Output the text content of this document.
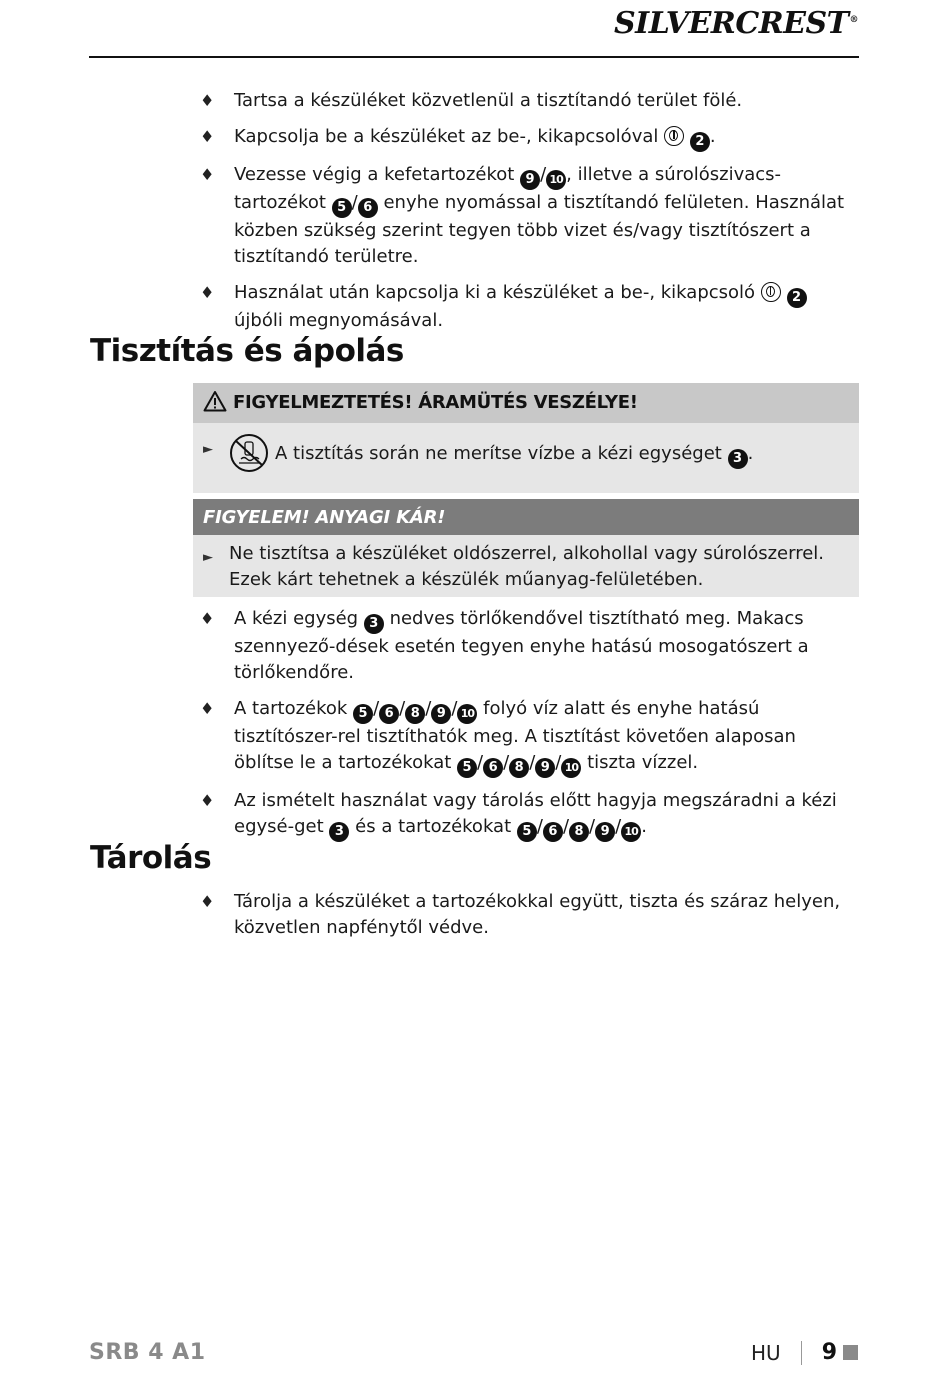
SILVERCREST®
♦ Tartsa a készüléket közvetlenül a tisztítandó terület fölé.
♦ Kapcsolja be a készüléket az be-, kikapcsolóval	2 .
♦ Vezesse végig a kefetartozékot 9 / 10 , illetve a súrolószivacs-tartozékot 5 / 6 enyhe nyomással a tisztítandó felületen. Használat közben szükség szerint tegyen több vizet és/vagy tisztítószert a tisztítandó területre.
♦ Használat után kapcsolja ki a készüléket a be-, kikapcsoló	2 újbóli megnyomásával.
Tisztítás és ápolás
FIGYELMEZTETÉS! ÁRAMÜTÉS VESZÉLYE!
►	A tisztítás során ne merítse vízbe a kézi egységet 3 .
FIGYELEM! ANYAGI KÁR!
► Ne tisztítsa a készüléket oldószerrel, alkohollal vagy súrolószerrel. Ezek kárt tehetnek a készülék műanyag-felületében.
♦ A kézi egység 3 nedves törlőkendővel tisztítható meg. Makacs szennyező-dések esetén tegyen enyhe hatású mosogatószert a törlőkendőre.
♦ A tartozékok 5 / 6 / 8 / 9 / 10 folyó víz alatt és enyhe hatású tisztítószer-rel tisztíthatók meg. A tisztítást követően alaposan öblítse le a tartozékokat 5 / 6 / 8 / 9 / 10 tiszta vízzel.
♦ Az ismételt használat vagy tárolás előtt hagyja megszáradni a kézi egysé-get 3 és a tartozékokat 5 / 6 / 8 / 9 / 10 .
Tárolás
♦ Tárolja a készüléket a tartozékokkal együtt, tiszta és száraz helyen, közvetlen napfénytől védve.
SRB 4 A1	HU 9
